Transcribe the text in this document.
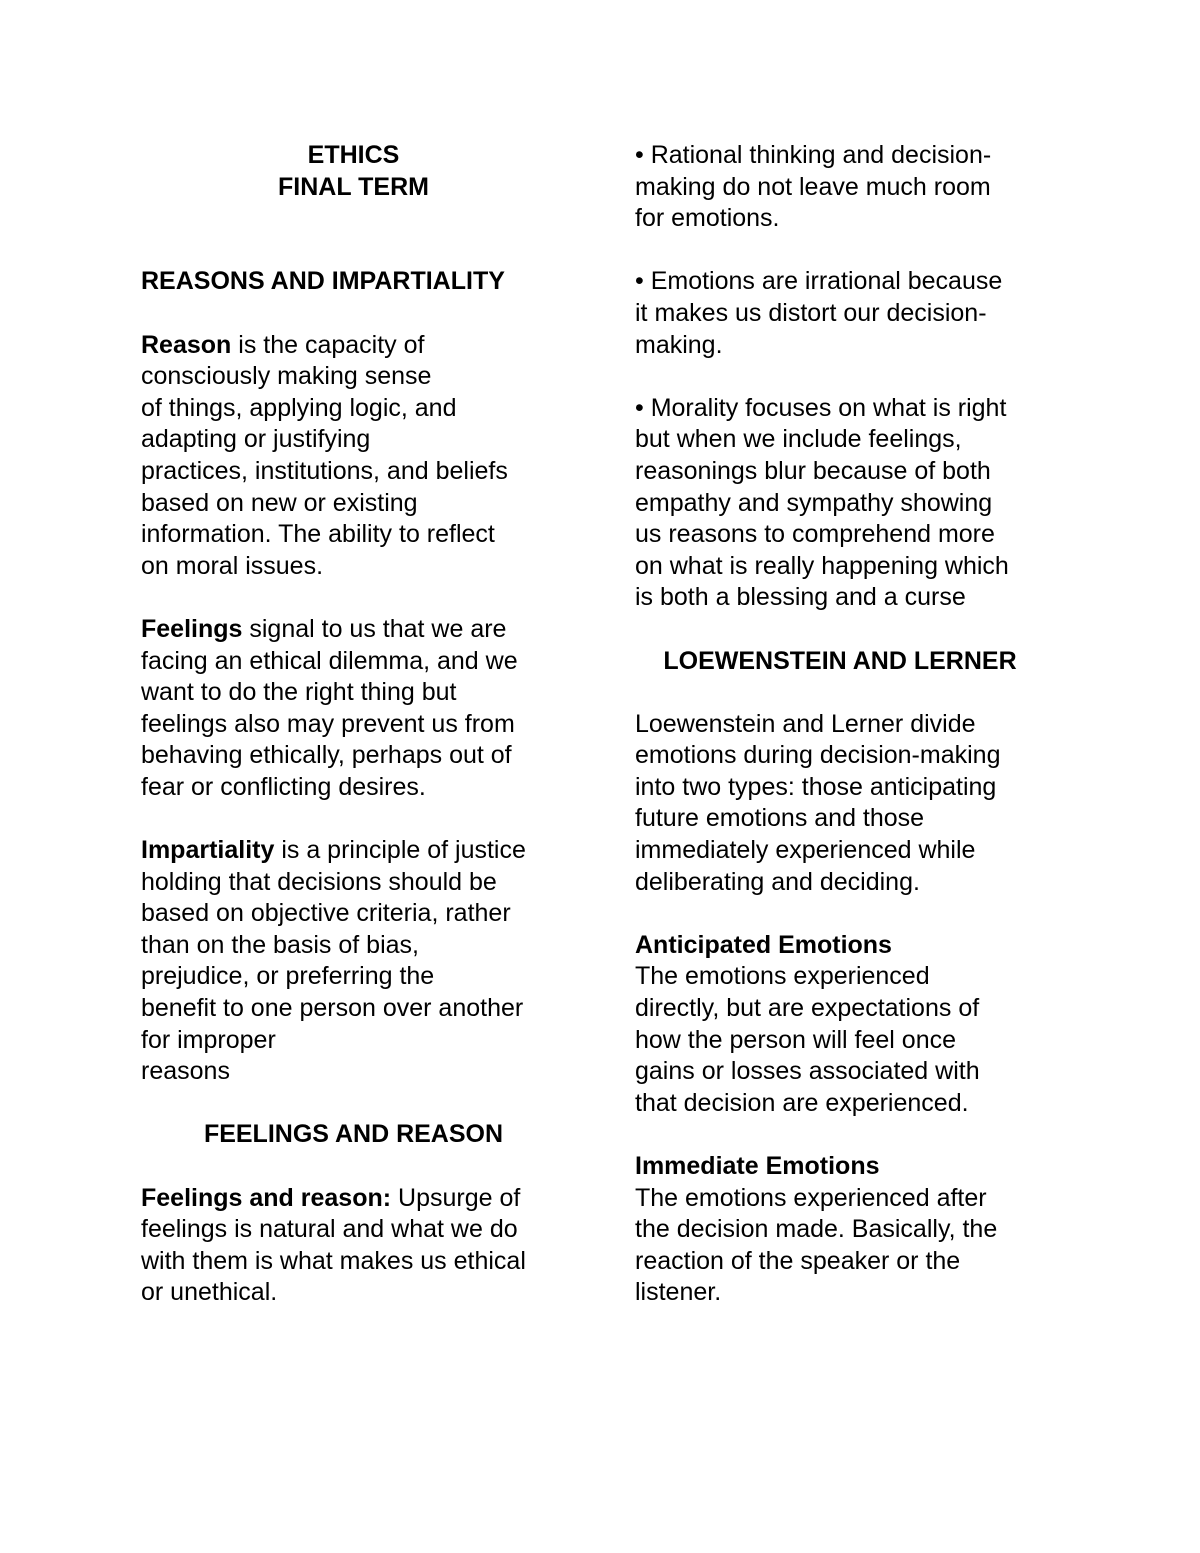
ETHICS
FINAL TERM
REASONS AND IMPARTIALITY
Reason is the capacity of
consciously making sense
of things, applying logic, and
adapting or justifying
practices, institutions, and beliefs
based on new or existing
information. The ability to reflect
on moral issues.
Feelings signal to us that we are
facing an ethical dilemma, and we
want to do the right thing but
feelings also may prevent us from
behaving ethically, perhaps out of
fear or conflicting desires.
Impartiality is a principle of justice
holding that decisions should be
based on objective criteria, rather
than on the basis of bias,
prejudice, or preferring the
benefit to one person over another
for improper
reasons
FEELINGS AND REASON
Feelings and reason: Upsurge of
feelings is natural and what we do
with them is what makes us ethical
or unethical.
• Rational thinking and decision-
making do not leave much room
for emotions.
• Emotions are irrational because
it makes us distort our decision-
making.
• Morality focuses on what is right
but when we include feelings,
reasonings blur because of both
empathy and sympathy showing
us reasons to comprehend more
on what is really happening which
is both a blessing and a curse
LOEWENSTEIN AND LERNER
Loewenstein and Lerner divide
emotions during decision-making
into two types: those anticipating
future emotions and those
immediately experienced while
deliberating and deciding.
Anticipated Emotions
The emotions experienced
directly, but are expectations of
how the person will feel once
gains or losses associated with
that decision are experienced.
Immediate Emotions
The emotions experienced after
the decision made. Basically, the
reaction of the speaker or the
listener.
